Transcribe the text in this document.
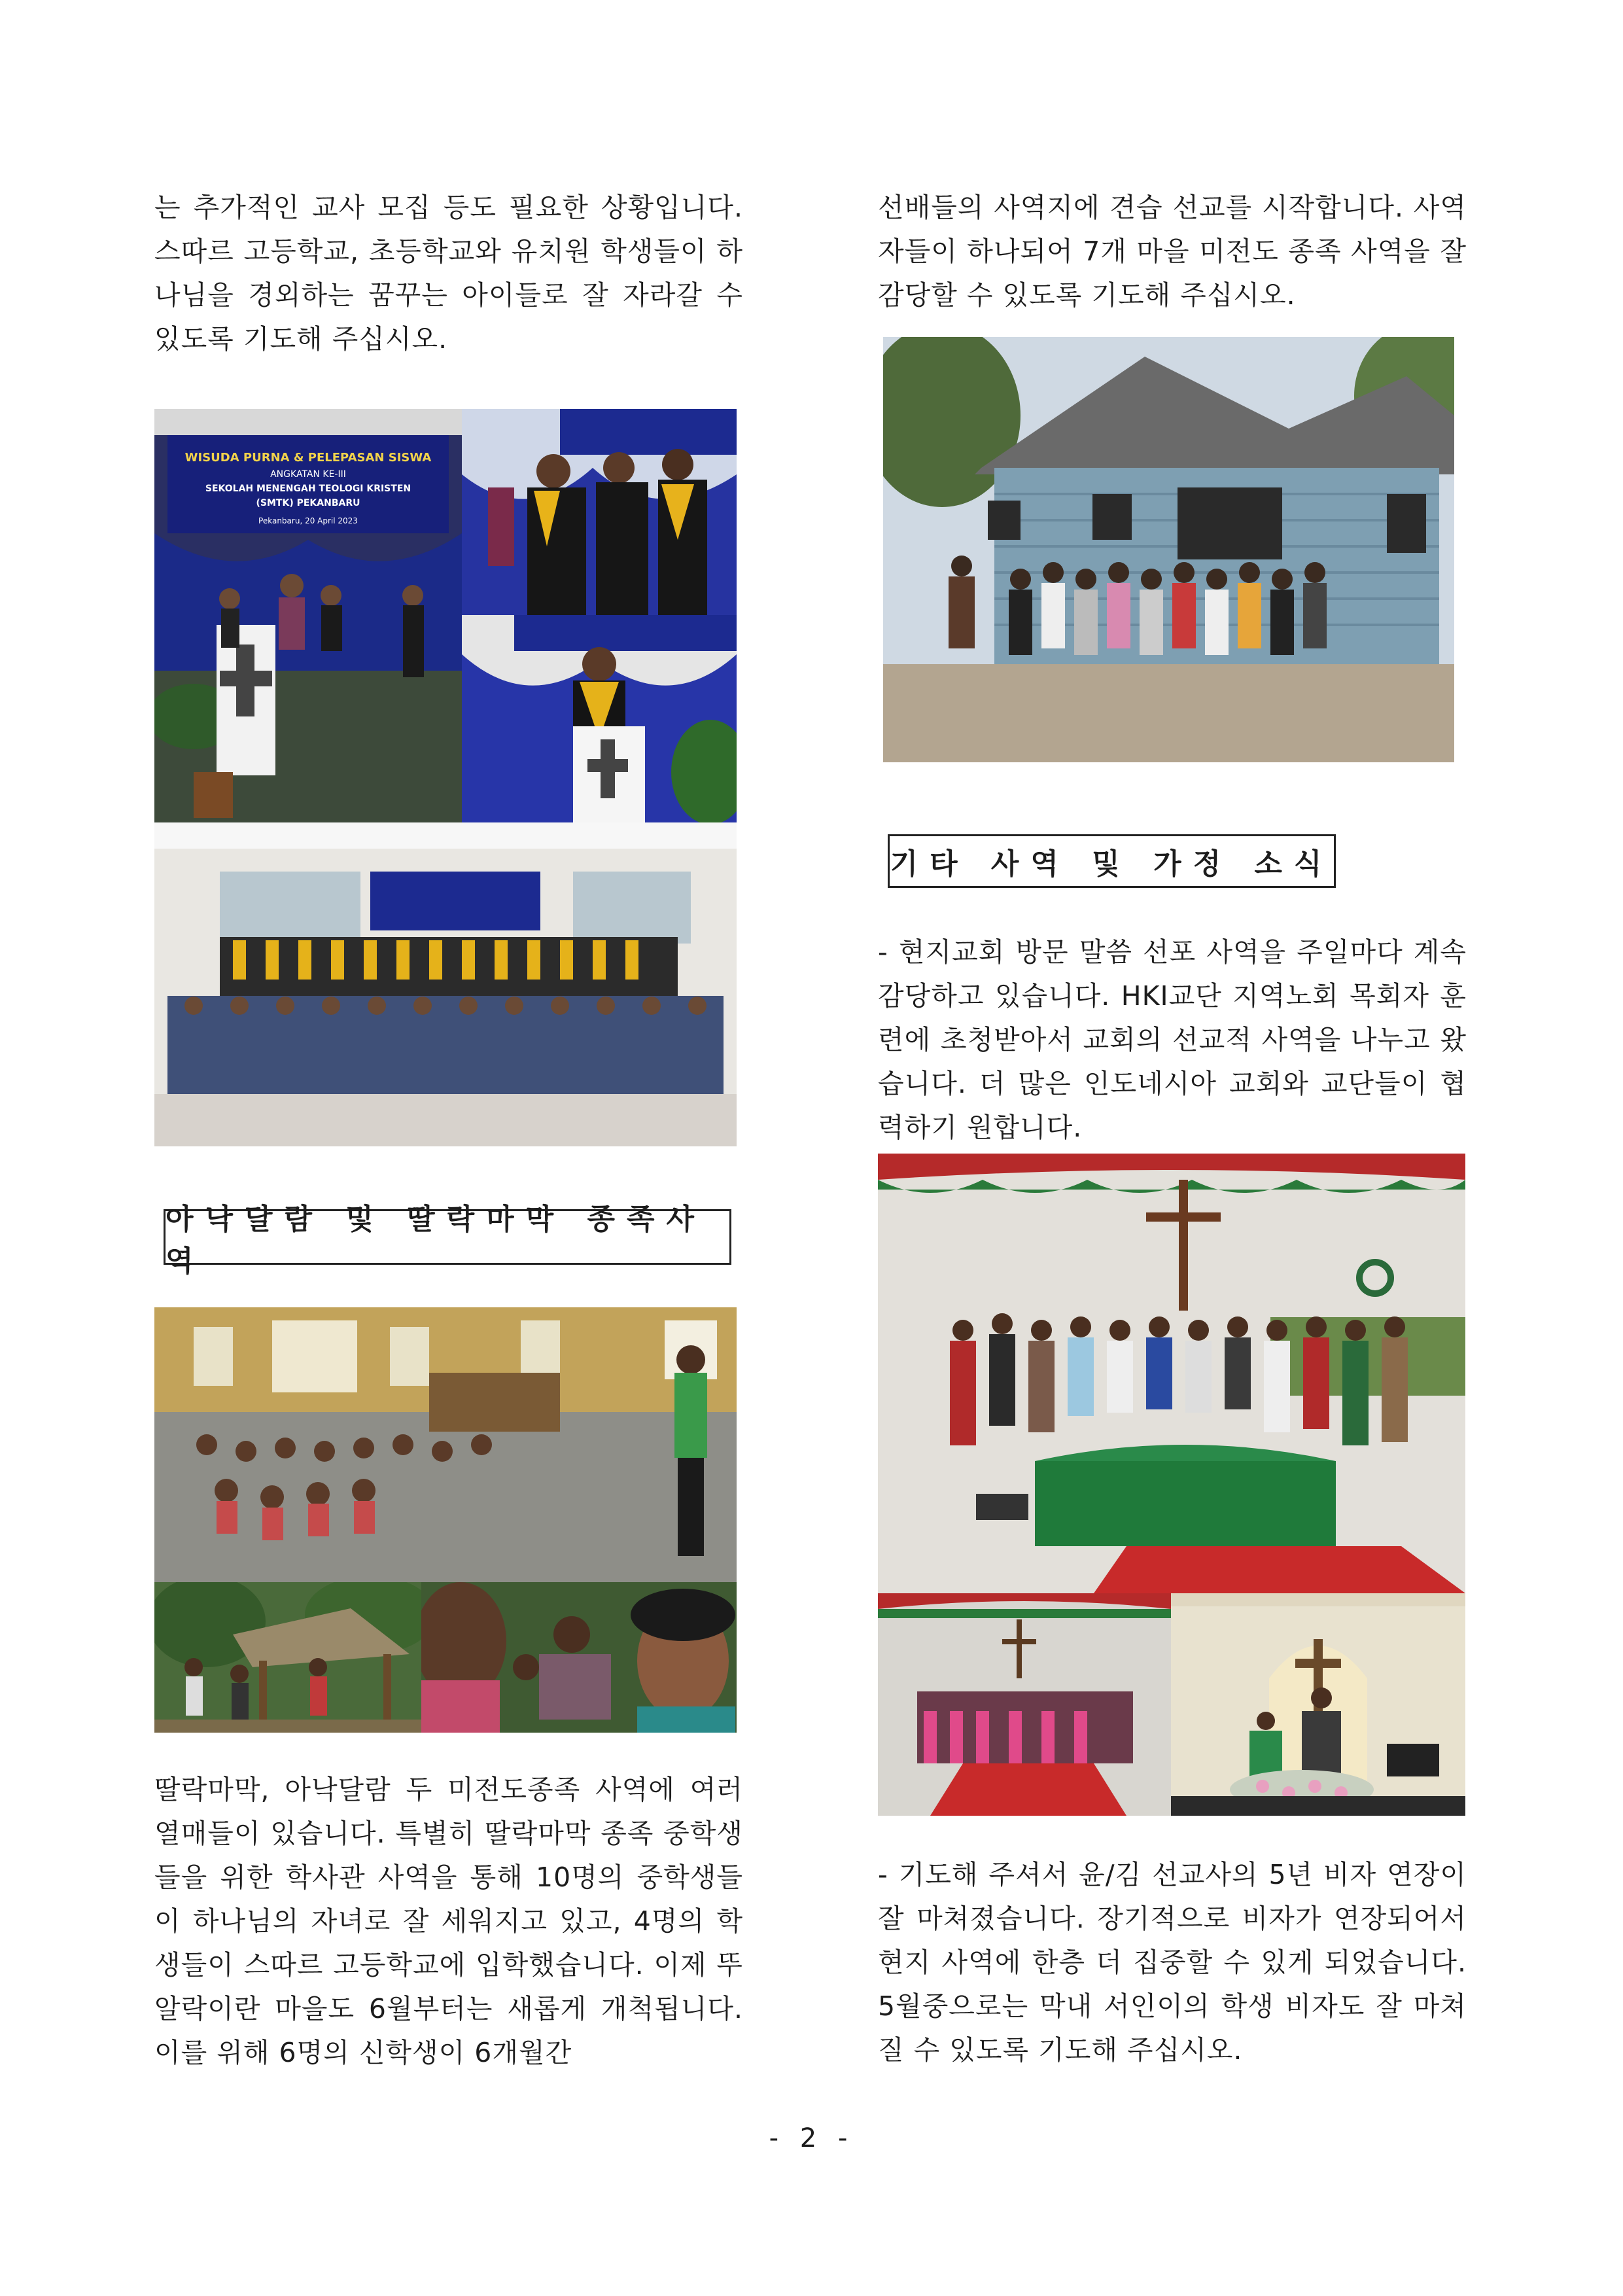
는 추가적인 교사 모집 등도 필요한 상황입니다. 스따르 고등학교, 초등학교와 유치원 학생들이 하나님을 경외하는 꿈꾸는 아이들로 잘 자라갈 수 있도록 기도해 주십시오.

WISUDA PURNA & PELEPASAN SISWA
ANGKATAN KE-III
SEKOLAH MENENGAH TEOLOGI KRISTEN
(SMTK) PEKANBARU
Pekanbaru, 20 April 2023
아낙달람 및 딸락마막 종족사역

딸락마막, 아낙달람 두 미전도종족 사역에 여러 열매들이 있습니다. 특별히 딸락마막 종족 중학생들을 위한 학사관 사역을 통해 10명의 중학생들이 하나님의 자녀로 잘 세워지고 있고, 4명의 학생들이 스따르 고등학교에 입학했습니다. 이제 뚜알락이란 마을도 6월부터는 새롭게 개척됩니다. 이를 위해 6명의 신학생이 6개월간

선배들의 사역지에 견습 선교를 시작합니다. 사역자들이 하나되어 7개 마을 미전도 종족 사역을 잘 감당할 수 있도록 기도해 주십시오.

기타 사역 및 가정 소식

- 현지교회 방문 말씀 선포 사역을 주일마다 계속 감당하고 있습니다. HKI교단 지역노회 목회자 훈련에 초청받아서 교회의 선교적 사역을 나누고 왔습니다. 더 많은 인도네시아 교회와 교단들이 협력하기 원합니다.

- 기도해 주셔서 윤/김 선교사의 5년 비자 연장이 잘 마쳐졌습니다. 장기적으로 비자가 연장되어서 현지 사역에 한층 더 집중할 수 있게 되었습니다. 5월중으로는 막내 서인이의 학생 비자도 잘 마쳐질 수 있도록 기도해 주십시오.

- 2 -
